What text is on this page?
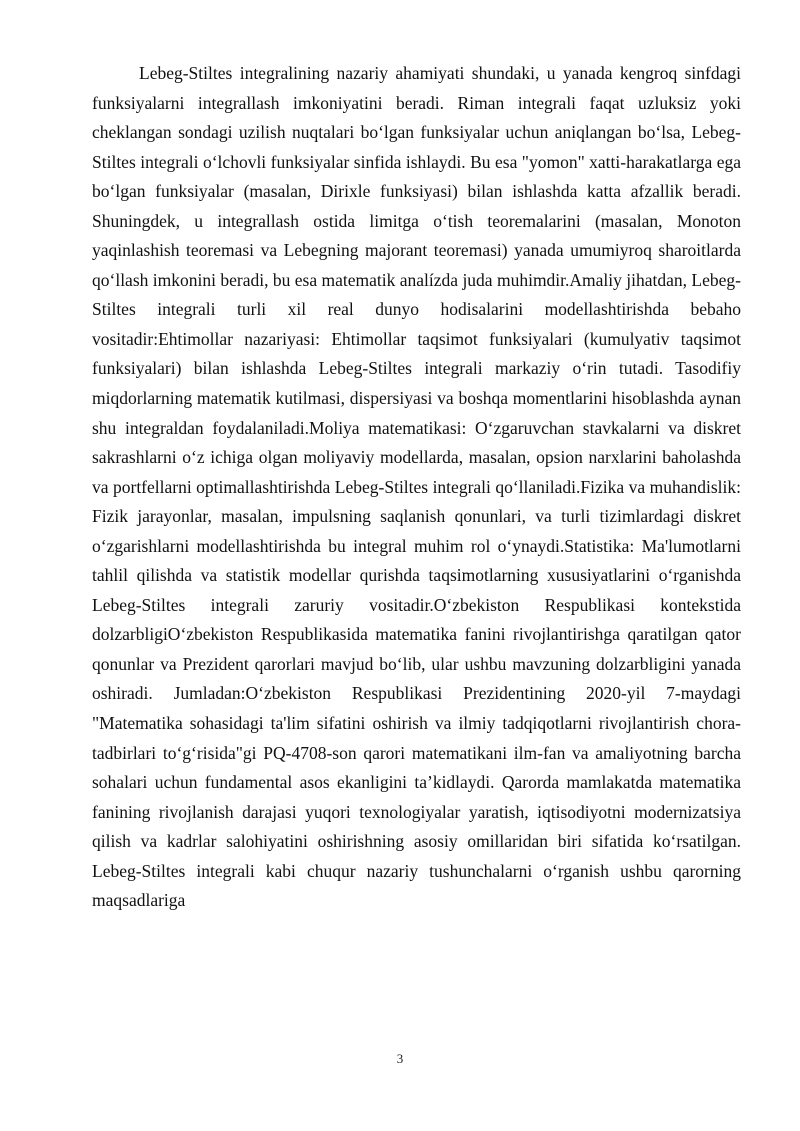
Lebeg-Stiltes integralining nazariy ahamiyati shundaki, u yanada kengroq sinfdagi funksiyalarni integrallash imkoniyatini beradi. Riman integrali faqat uzluksiz yoki cheklangan sondagi uzilish nuqtalari bo‘lgan funksiyalar uchun aniqlangan bo‘lsa, Lebeg-Stiltes integrali o‘lchovli funksiyalar sinfida ishlaydi. Bu esa "yomon" xatti-harakatlarga ega bo‘lgan funksiyalar (masalan, Dirixle funksiyasi) bilan ishlashda katta afzallik beradi. Shuningdek, u integrallash ostida limitga o‘tish teoremalarini (masalan, Monoton yaqinlashish teoremasi va Lebegning majorant teoremasi) yanada umumiyroq sharoitlarda qo‘llash imkonini beradi, bu esa matematik analízda juda muhimdir.Amaliy jihatdan, Lebeg-Stiltes integrali turli xil real dunyo hodisalarini modellashtirishda bebaho vositadir:Ehtimollar nazariyasi: Ehtimollar taqsimot funksiyalari (kumulyativ taqsimot funksiyalari) bilan ishlashda Lebeg-Stiltes integrali markaziy o‘rin tutadi. Tasodifiy miqdorlarning matematik kutilmasi, dispersiyasi va boshqa momentlarini hisoblashda aynan shu integraldan foydalaniladi.Moliya matematikasi: O‘zgaruvchan stavkalarni va diskret sakrashlarni o‘z ichiga olgan moliyaviy modellarda, masalan, opsion narxlarini baholashda va portfellarni optimallashtirishda Lebeg-Stiltes integrali qo‘llaniladi.Fizika va muhandislik: Fizik jarayonlar, masalan, impulsning saqlanish qonunlari, va turli tizimlardagi diskret o‘zgarishlarni modellashtirishda bu integral muhim rol o‘ynaydi.Statistika: Ma'lumotlarni tahlil qilishda va statistik modellar qurishda taqsimotlarning xususiyatlarini o‘rganishda Lebeg-Stiltes integrali zaruriy vositadir.O‘zbekiston Respublikasi kontekstida dolzarbligiO‘zbekiston Respublikasida matematika fanini rivojlantirishga qaratilgan qator qonunlar va Prezident qarorlari mavjud bo‘lib, ular ushbu mavzuning dolzarbligini yanada oshiradi. Jumladan:O‘zbekiston Respublikasi Prezidentining 2020-yil 7-maydagi "Matematika sohasidagi ta'lim sifatini oshirish va ilmiy tadqiqotlarni rivojlantirish chora-tadbirlari to‘g‘risida"gi PQ-4708-son qarori matematikani ilm-fan va amaliyotning barcha sohalari uchun fundamental asos ekanligini ta’kidlaydi. Qarorda mamlakatda matematika fanining rivojlanish darajasi yuqori texnologiyalar yaratish, iqtisodiyotni modernizatsiya qilish va kadrlar salohiyatini oshirishning asosiy omillaridan biri sifatida ko‘rsatilgan. Lebeg-Stiltes integrali kabi chuqur nazariy tushunchalarni o‘rganish ushbu qarorning maqsadlariga

3
